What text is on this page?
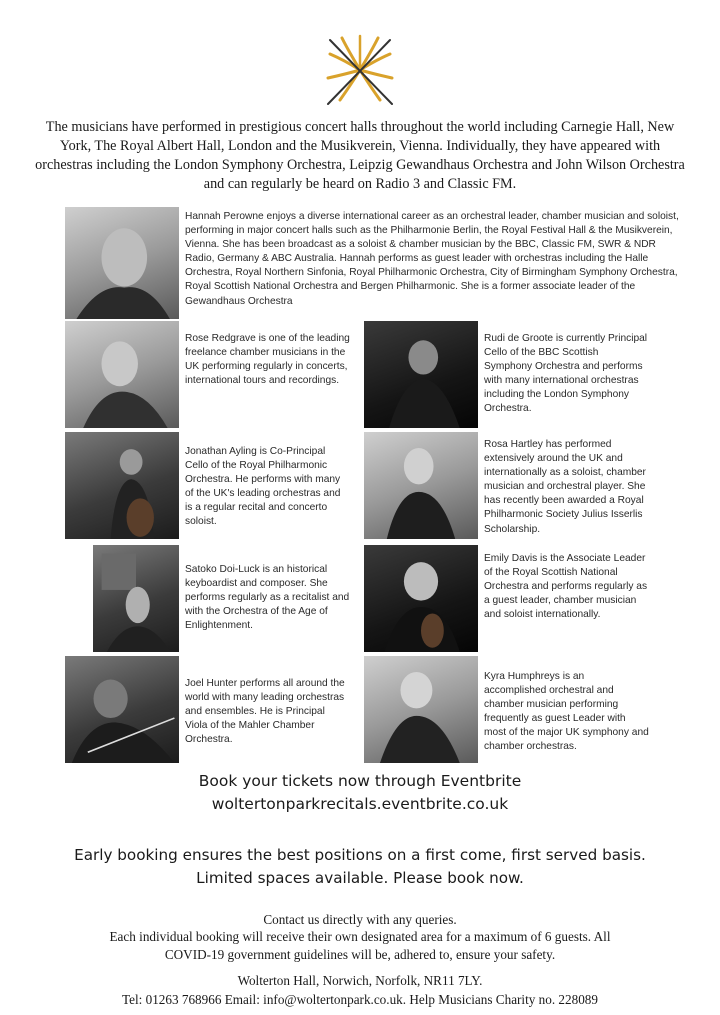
The musicians have performed in prestigious concert halls throughout the world including Carnegie Hall, New York, The Royal Albert Hall, London and the Musikverein, Vienna. Individually, they have appeared with orchestras including the London Symphony Orchestra, Leipzig Gewandhaus Orchestra and John Wilson Orchestra and can regularly be heard on Radio 3 and Classic FM.
Hannah Perowne enjoys a diverse international career as an orchestral leader, chamber musician and soloist, performing in major concert halls such as the Philharmonie Berlin, the Royal Festival Hall & the Musikverein, Vienna. She has been broadcast as a soloist & chamber musician by the BBC, Classic FM, SWR & NDR Radio, Germany & ABC Australia. Hannah performs as guest leader with orchestras including the Halle Orchestra, Royal Northern Sinfonia, Royal Philharmonic Orchestra, City of Birmingham Symphony Orchestra, Royal Scottish National Orchestra and Bergen Philharmonic. She is a former associate leader of the Gewandhaus Orchestra
Rose Redgrave is one of the leading freelance chamber musicians in the UK performing regularly in concerts, international tours and recordings.
Rudi de Groote is currently Principal Cello of the BBC Scottish Symphony Orchestra and performs with many international orchestras including the London Symphony Orchestra.
Jonathan Ayling is Co-Principal Cello of the Royal Philharmonic Orchestra. He performs with many of the UK's leading orchestras and is a regular recital and concerto soloist.
Rosa Hartley has performed extensively around the UK and internationally as a soloist, chamber musician and orchestral player. She has recently been awarded a Royal Philharmonic Society Julius Isserlis Scholarship.
Satoko Doi-Luck is an historical keyboardist and composer. She performs regularly as a recitalist and with the Orchestra of the Age of Enlightenment.
Emily Davis is the Associate Leader of the Royal Scottish National Orchestra and performs regularly as a guest leader, chamber musician and soloist internationally.
Joel Hunter performs all around the world with many leading orchestras and ensembles. He is Principal Viola of the Mahler Chamber Orchestra.
Kyra Humphreys is an accomplished orchestral and chamber musician performing frequently as guest Leader with most of the major UK symphony and chamber orchestras.
Book your tickets now through Eventbrite
woltertonparkrecitals.eventbrite.co.uk
Early booking ensures the best positions on a first come, first served basis.
Limited spaces available. Please book now.
Contact us directly with any queries.
Each individual booking will receive their own designated area for a maximum of 6 guests. All
COVID-19 government guidelines will be, adhered to, ensure your safety.
Wolterton Hall, Norwich, Norfolk, NR11 7LY.
Tel: 01263 768966 Email: info@woltertonpark.co.uk. Help Musicians Charity no. 228089
